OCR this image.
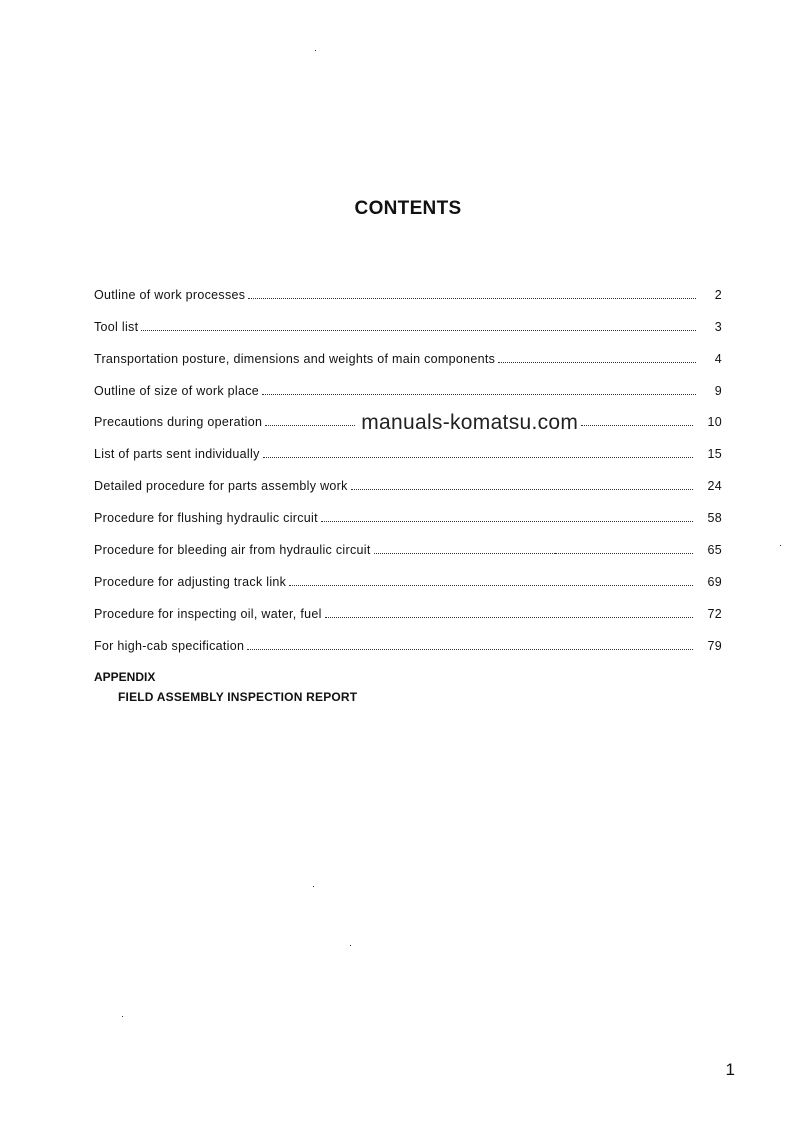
CONTENTS
Outline of work processes	2
Tool list	3
Transportation posture, dimensions and weights of main components	4
Outline of size of work place	9
Precautions during operation	manuals-komatsu.com	10
List of parts sent individually	15
Detailed procedure for parts assembly work	24
Procedure for flushing hydraulic circuit	58
Procedure for bleeding air from hydraulic circuit	65
Procedure for adjusting track link	69
Procedure for inspecting oil, water, fuel	72
For high-cab specification	79
APPENDIX
FIELD ASSEMBLY INSPECTION REPORT
1
